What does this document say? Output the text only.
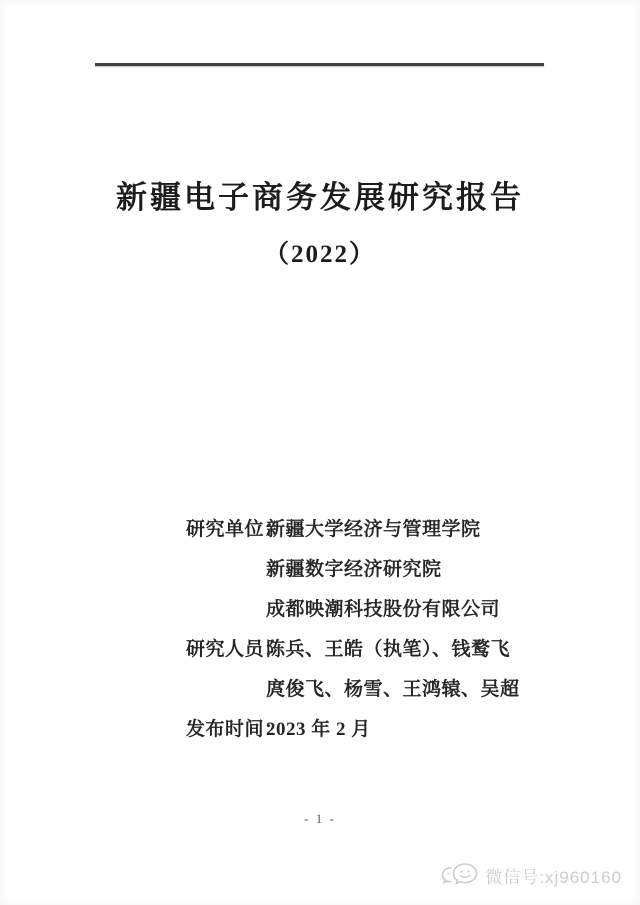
新疆电子商务发展研究报告
（2022）
研究单位：
新疆大学经济与管理学院
新疆数字经济研究院
成都映潮科技股份有限公司
研究人员：
陈兵、王皓（执笔）、钱鹜飞
庹俊飞、杨雪、王鸿辕、吴超
发布时间：
2023 年 2 月
- 1 -
微信号:xj960160
